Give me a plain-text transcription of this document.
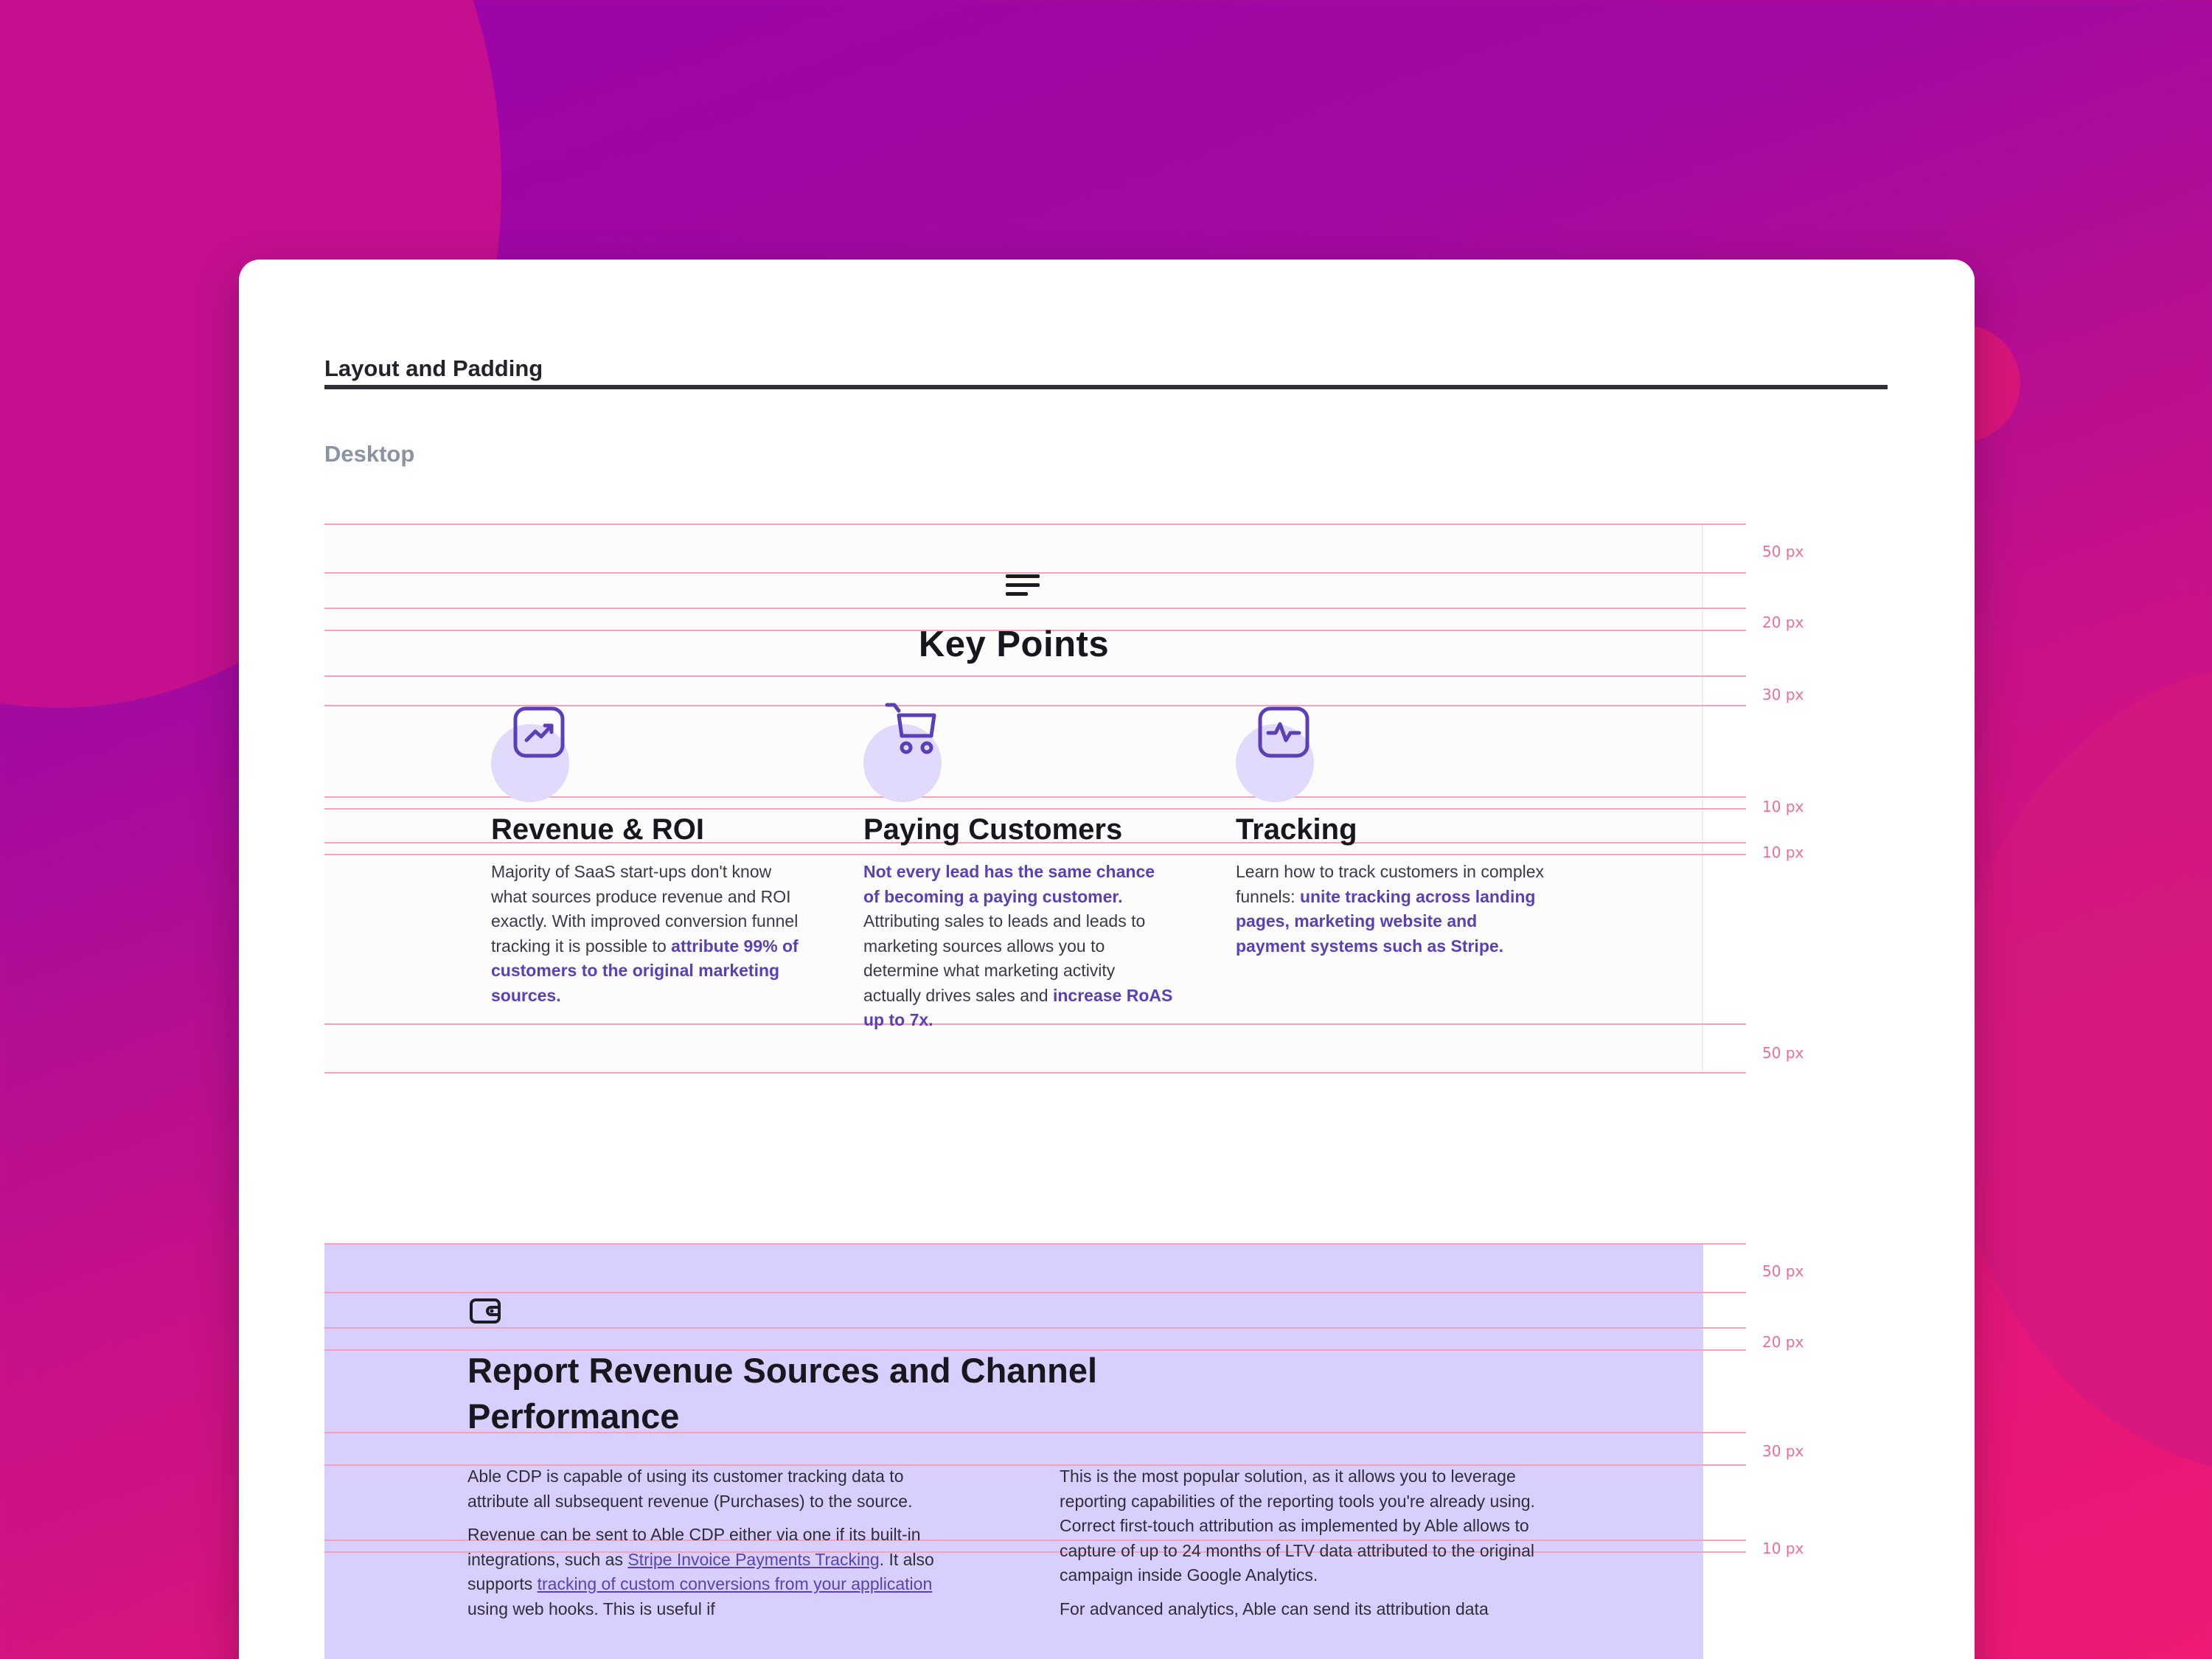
Layout and Padding
Desktop
50 px
20 px
30 px
10 px
10 px
50 px
Key Points
Revenue & ROI
Majority of SaaS start-ups don't know what sources produce revenue and ROI exactly. With improved conversion funnel tracking it is possible to attribute 99% of customers to the original marketing sources.
Paying Customers
Not every lead has the same chance of becoming a paying customer. Attributing sales to leads and leads to marketing sources allows you to determine what marketing activity actually drives sales and increase RoAS up to 7x.
Tracking
Learn how to track customers in complex funnels: unite tracking across landing pages, marketing website and payment systems such as Stripe.
50 px
20 px
30 px
10 px
Report Revenue Sources and Channel Performance

Able CDP is capable of using its customer tracking data to attribute all subsequent revenue (Purchases) to the source.

Revenue can be sent to Able CDP either via one if its built-in integrations, such as Stripe Invoice Payments Tracking. It also supports tracking of custom conversions from your application using web hooks. This is useful if

This is the most popular solution, as it allows you to leverage reporting capabilities of the reporting tools you're already using. Correct first-touch attribution as implemented by Able allows to capture of up to 24 months of LTV data attributed to the original campaign inside Google Analytics.

For advanced analytics, Able can send its attribution data
